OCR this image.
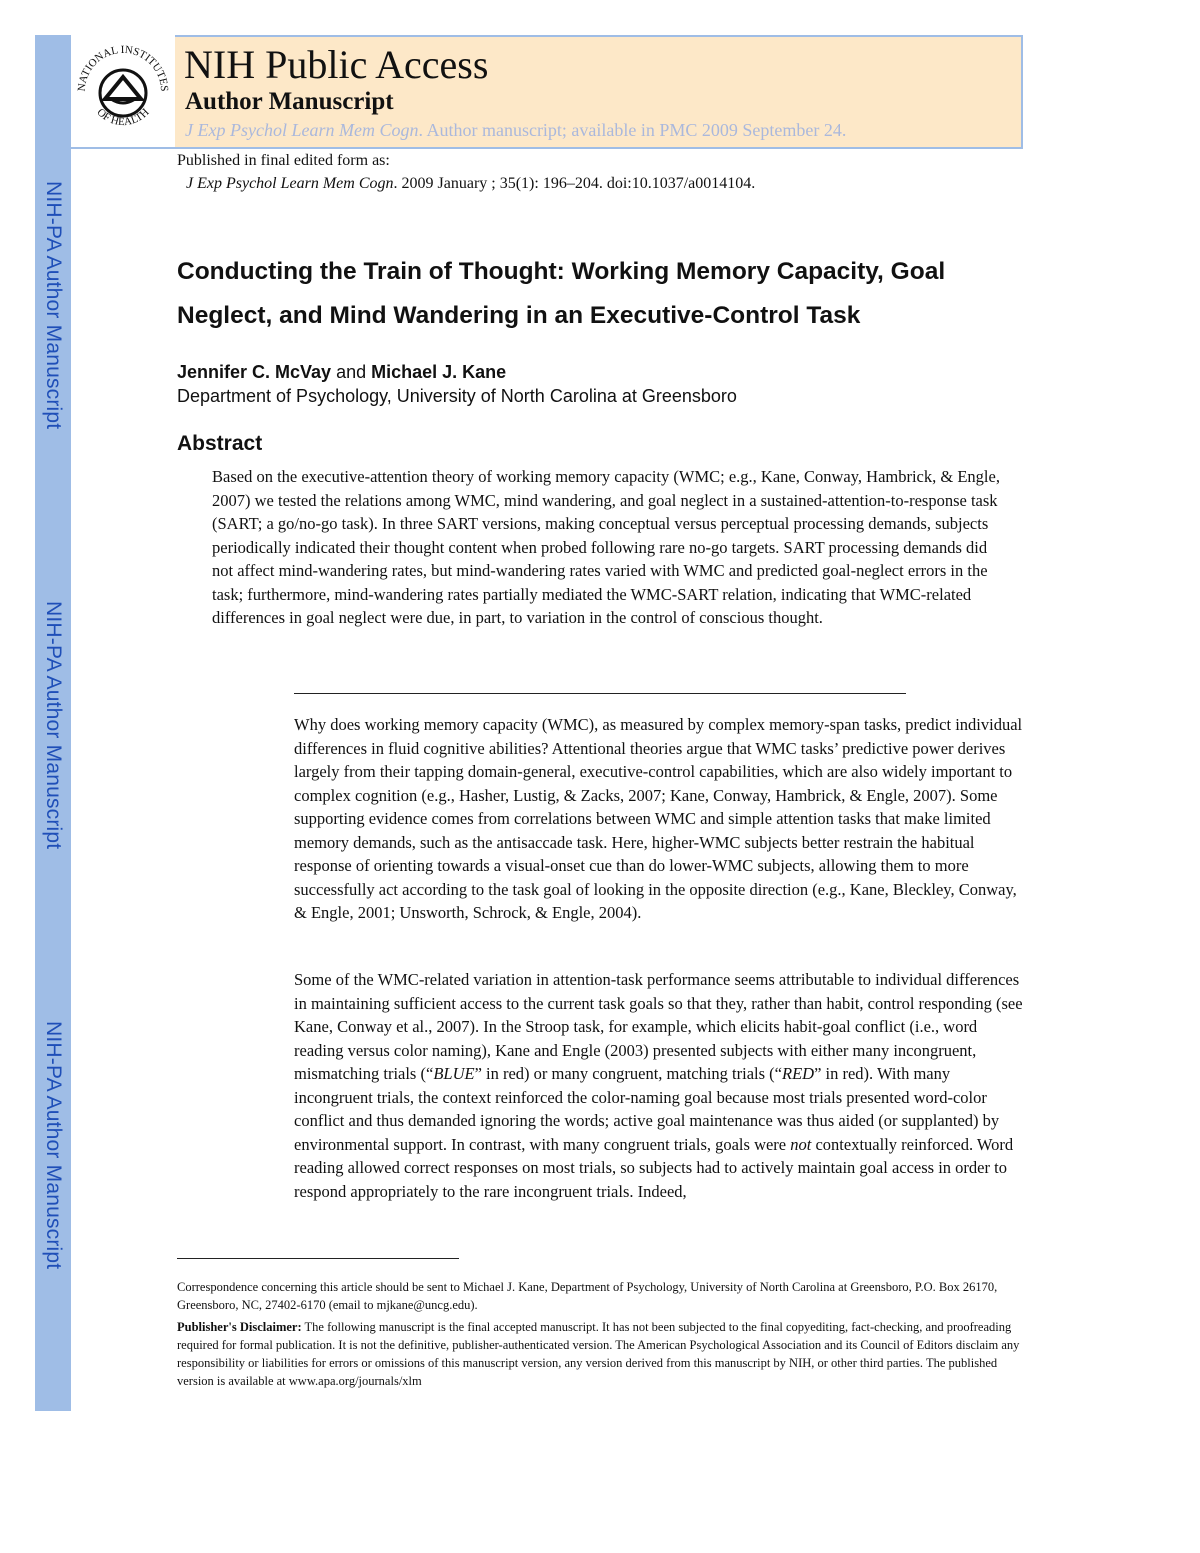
NIH-PA Author Manuscript
NIH-PA Author Manuscript
NIH-PA Author Manuscript
NATIONAL INSTITUTES
OF HEALTH
NIH Public Access
Author Manuscript
J Exp Psychol Learn Mem Cogn. Author manuscript; available in PMC 2009 September 24.
Published in final edited form as:
J Exp Psychol Learn Mem Cogn. 2009 January ; 35(1): 196–204. doi:10.1037/a0014104.
Conducting the Train of Thought: Working Memory Capacity, Goal Neglect, and Mind Wandering in an Executive-Control Task
Jennifer C. McVay and Michael J. Kane
Department of Psychology, University of North Carolina at Greensboro
Abstract
Based on the executive-attention theory of working memory capacity (WMC; e.g., Kane, Conway, Hambrick, & Engle, 2007) we tested the relations among WMC, mind wandering, and goal neglect in a sustained-attention-to-response task (SART; a go/no-go task). In three SART versions, making conceptual versus perceptual processing demands, subjects periodically indicated their thought content when probed following rare no-go targets. SART processing demands did not affect mind-wandering rates, but mind-wandering rates varied with WMC and predicted goal-neglect errors in the task; furthermore, mind-wandering rates partially mediated the WMC-SART relation, indicating that WMC-related differences in goal neglect were due, in part, to variation in the control of conscious thought.
Why does working memory capacity (WMC), as measured by complex memory-span tasks, predict individual differences in fluid cognitive abilities? Attentional theories argue that WMC tasks’ predictive power derives largely from their tapping domain-general, executive-control capabilities, which are also widely important to complex cognition (e.g., Hasher, Lustig, & Zacks, 2007; Kane, Conway, Hambrick, & Engle, 2007). Some supporting evidence comes from correlations between WMC and simple attention tasks that make limited memory demands, such as the antisaccade task. Here, higher-WMC subjects better restrain the habitual response of orienting towards a visual-onset cue than do lower-WMC subjects, allowing them to more successfully act according to the task goal of looking in the opposite direction (e.g., Kane, Bleckley, Conway, & Engle, 2001; Unsworth, Schrock, & Engle, 2004).
Some of the WMC-related variation in attention-task performance seems attributable to individual differences in maintaining sufficient access to the current task goals so that they, rather than habit, control responding (see Kane, Conway et al., 2007). In the Stroop task, for example, which elicits habit-goal conflict (i.e., word reading versus color naming), Kane and Engle (2003) presented subjects with either many incongruent, mismatching trials (“BLUE” in red) or many congruent, matching trials (“RED” in red). With many incongruent trials, the context reinforced the color-naming goal because most trials presented word-color conflict and thus demanded ignoring the words; active goal maintenance was thus aided (or supplanted) by environmental support. In contrast, with many congruent trials, goals were not contextually reinforced. Word reading allowed correct responses on most trials, so subjects had to actively maintain goal access in order to respond appropriately to the rare incongruent trials. Indeed,
Correspondence concerning this article should be sent to Michael J. Kane, Department of Psychology, University of North Carolina at Greensboro, P.O. Box 26170, Greensboro, NC, 27402-6170 (email to mjkane@uncg.edu).
Publisher's Disclaimer: The following manuscript is the final accepted manuscript. It has not been subjected to the final copyediting, fact-checking, and proofreading required for formal publication. It is not the definitive, publisher-authenticated version. The American Psychological Association and its Council of Editors disclaim any responsibility or liabilities for errors or omissions of this manuscript version, any version derived from this manuscript by NIH, or other third parties. The published version is available at www.apa.org/journals/xlm
